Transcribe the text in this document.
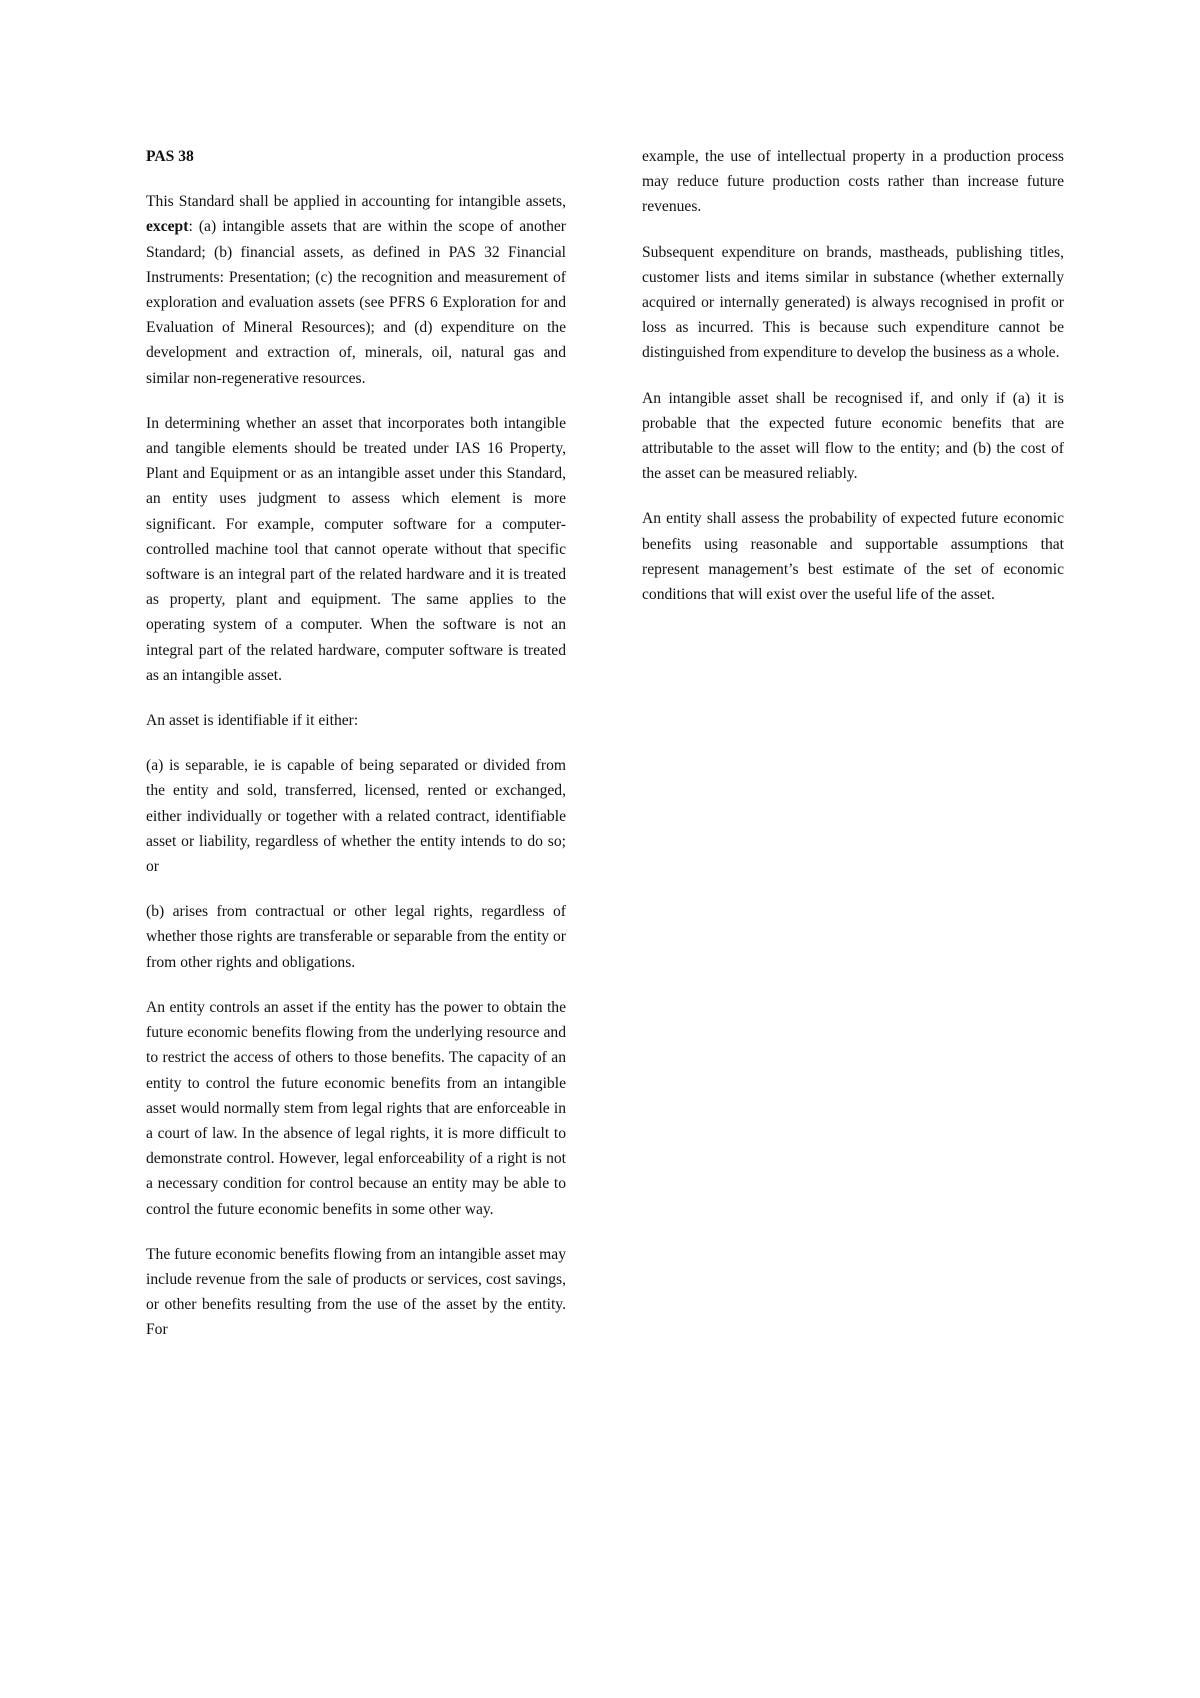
PAS 38

This Standard shall be applied in accounting for intangible assets, except: (a) intangible assets that are within the scope of another Standard; (b) financial assets, as defined in PAS 32 Financial Instruments: Presentation; (c) the recognition and measurement of exploration and evaluation assets (see PFRS 6 Exploration for and Evaluation of Mineral Resources); and (d) expenditure on the development and extraction of, minerals, oil, natural gas and similar non-regenerative resources.

In determining whether an asset that incorporates both intangible and tangible elements should be treated under IAS 16 Property, Plant and Equipment or as an intangible asset under this Standard, an entity uses judgment to assess which element is more significant. For example, computer software for a computer-controlled machine tool that cannot operate without that specific software is an integral part of the related hardware and it is treated as property, plant and equipment. The same applies to the operating system of a computer. When the software is not an integral part of the related hardware, computer software is treated as an intangible asset.

An asset is identifiable if it either:

(a) is separable, ie is capable of being separated or divided from the entity and sold, transferred, licensed, rented or exchanged, either individually or together with a related contract, identifiable asset or liability, regardless of whether the entity intends to do so; or

(b) arises from contractual or other legal rights, regardless of whether those rights are transferable or separable from the entity or from other rights and obligations.

An entity controls an asset if the entity has the power to obtain the future economic benefits flowing from the underlying resource and to restrict the access of others to those benefits. The capacity of an entity to control the future economic benefits from an intangible asset would normally stem from legal rights that are enforceable in a court of law. In the absence of legal rights, it is more difficult to demonstrate control. However, legal enforceability of a right is not a necessary condition for control because an entity may be able to control the future economic benefits in some other way.

The future economic benefits flowing from an intangible asset may include revenue from the sale of products or services, cost savings, or other benefits resulting from the use of the asset by the entity. For

example, the use of intellectual property in a production process may reduce future production costs rather than increase future revenues.

Subsequent expenditure on brands, mastheads, publishing titles, customer lists and items similar in substance (whether externally acquired or internally generated) is always recognised in profit or loss as incurred. This is because such expenditure cannot be distinguished from expenditure to develop the business as a whole.

An intangible asset shall be recognised if, and only if (a) it is probable that the expected future economic benefits that are attributable to the asset will flow to the entity; and (b) the cost of the asset can be measured reliably.

An entity shall assess the probability of expected future economic benefits using reasonable and supportable assumptions that represent management’s best estimate of the set of economic conditions that will exist over the useful life of the asset.
